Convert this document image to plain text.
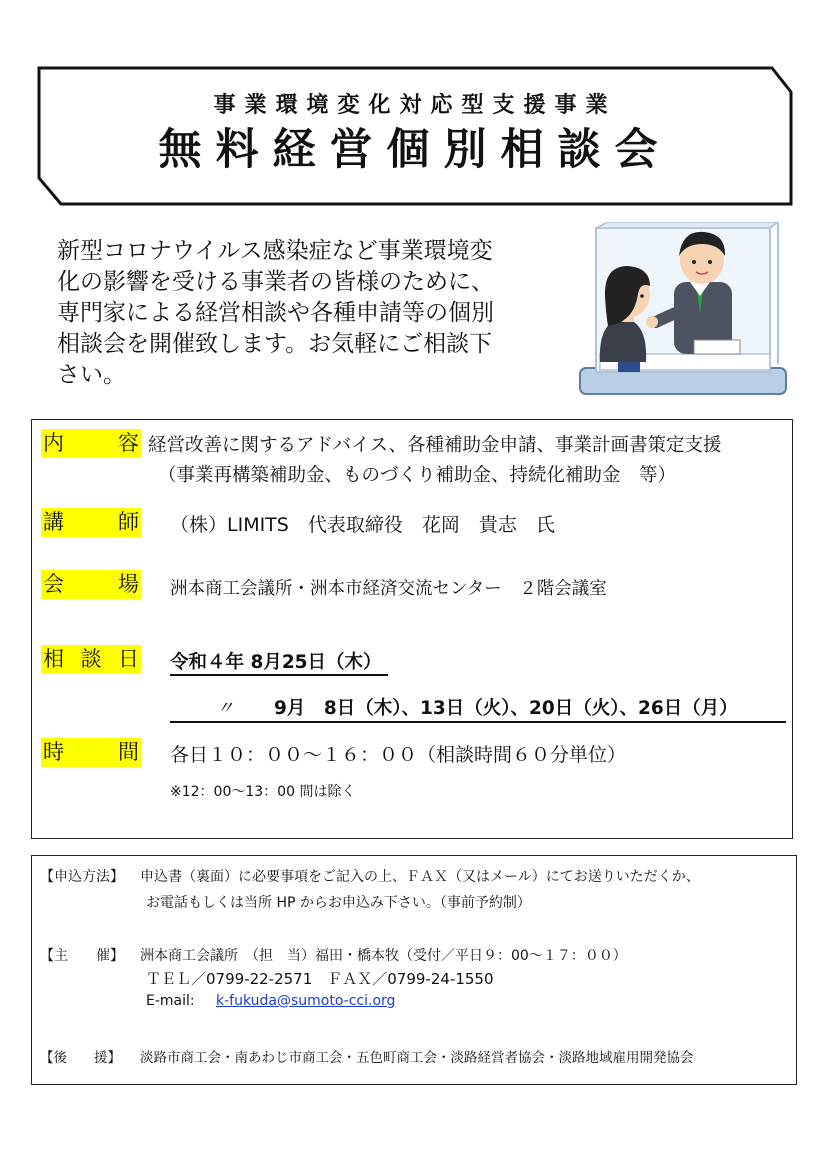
事業環境変化対応型支援事業
無料経営個別相談会
新型コロナウイルス感染症など事業環境変
化の影響を受ける事業者の皆様のために、
専門家による経営相談や各種申請等の個別
相談会を開催致します。お気軽にご相談下
さい。
内	容 経営改善に関するアドバイス、各種補助金申請、事業計画書策定支援
（事業再構築補助金、ものづくり補助金、持続化補助金　等）
講	師 （株）LIMITS　代表取締役　花岡　貴志　氏
会	場 洲本商工会議所・洲本市経済交流センター　２階会議室
相 談 日 令和４年 8月25日（木）
〃 9月　8日（木）、13日（火）、20日（火）、26日（月）
時	間 各日１０：００～１６：００（相談時間６０分単位）
※12：00～13：00 間は除く
【申込方法】 申込書（裏面）に必要事項をご記入の上、ＦＡＸ（又はメール）にてお送りいただくか、
お電話もしくは当所 HP からお申込み下さい。（事前予約制）
【主　　催】 洲本商工会議所　（担　当）福田・橋本牧（受付／平日９：00～１７：００）
ＴＥＬ／0799-22-2571　ＦＡＸ／0799-24-1550
E-mail: k-fukuda@sumoto-cci.org
【後　　援】 淡路市商工会・南あわじ市商工会・五色町商工会・淡路経営者協会・淡路地域雇用開発協会
